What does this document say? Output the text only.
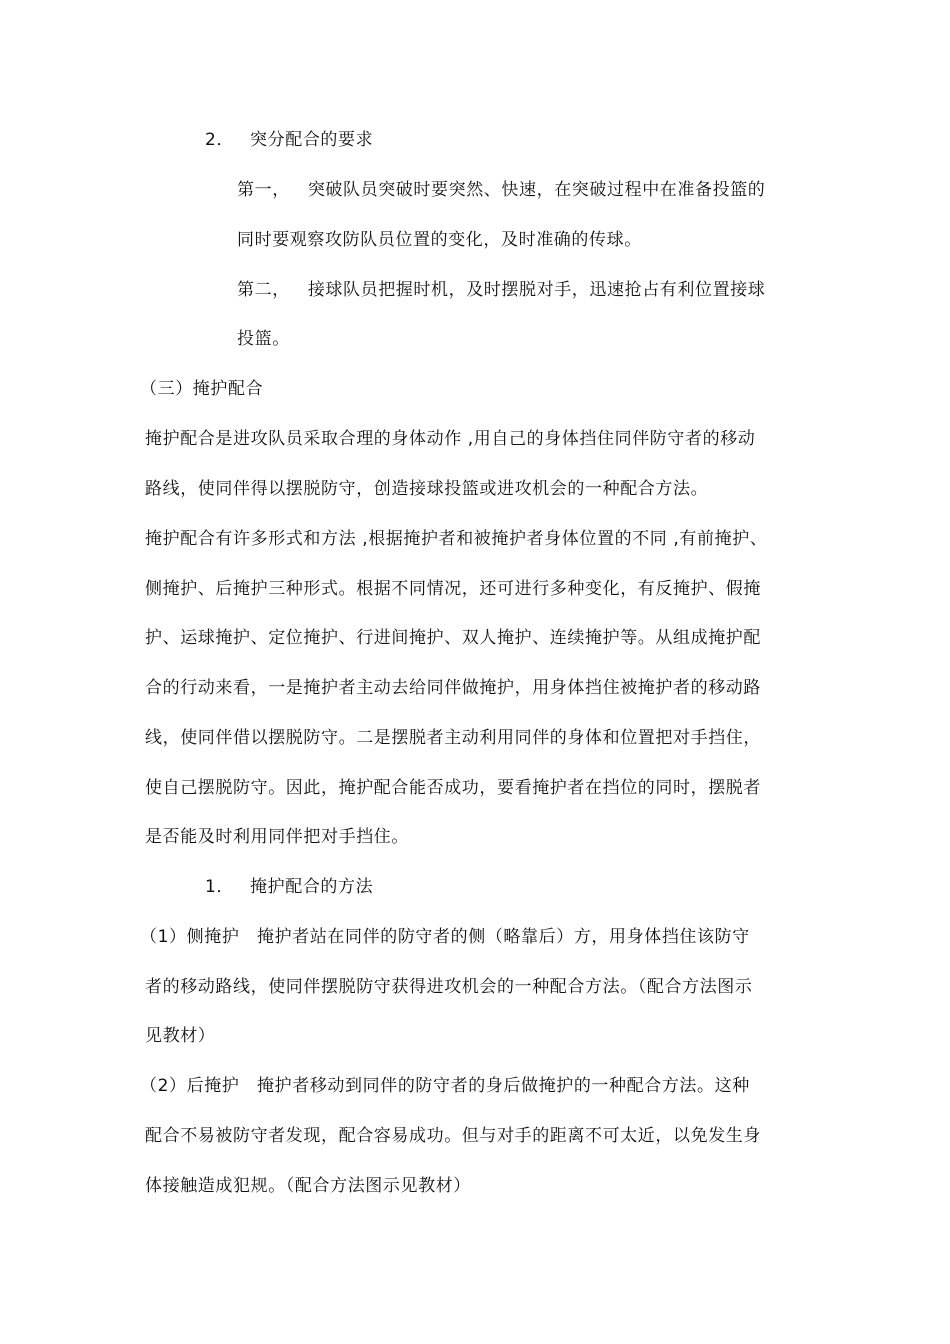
2． 突分配合的要求
第一， 突破队员突破时要突然、快速，在突破过程中在准备投篮的
同时要观察攻防队员位置的变化，及时准确的传球。
第二， 接球队员把握时机，及时摆脱对手，迅速抢占有利位置接球
投篮。
（三）掩护配合
掩护配合是进攻队员采取合理的身体动作 ,用自己的身体挡住同伴防守者的移动
路线，使同伴得以摆脱防守，创造接球投篮或进攻机会的一种配合方法。
掩护配合有许多形式和方法 ,根据掩护者和被掩护者身体位置的不同 ,有前掩护、
侧掩护、后掩护三种形式。根据不同情况，还可进行多种变化，有反掩护、假掩
护、运球掩护、定位掩护、行进间掩护、双人掩护、连续掩护等。从组成掩护配
合的行动来看，一是掩护者主动去给同伴做掩护，用身体挡住被掩护者的移动路
线，使同伴借以摆脱防守。二是摆脱者主动利用同伴的身体和位置把对手挡住，
使自己摆脱防守。因此，掩护配合能否成功，要看掩护者在挡位的同时，摆脱者
是否能及时利用同伴把对手挡住。
1． 掩护配合的方法
（1）侧掩护　掩护者站在同伴的防守者的侧（略靠后）方，用身体挡住该防守
者的移动路线，使同伴摆脱防守获得进攻机会的一种配合方法。（配合方法图示
见教材）
（2）后掩护　掩护者移动到同伴的防守者的身后做掩护的一种配合方法。这种
配合不易被防守者发现，配合容易成功。但与对手的距离不可太近，以免发生身
体接触造成犯规。（配合方法图示见教材）
